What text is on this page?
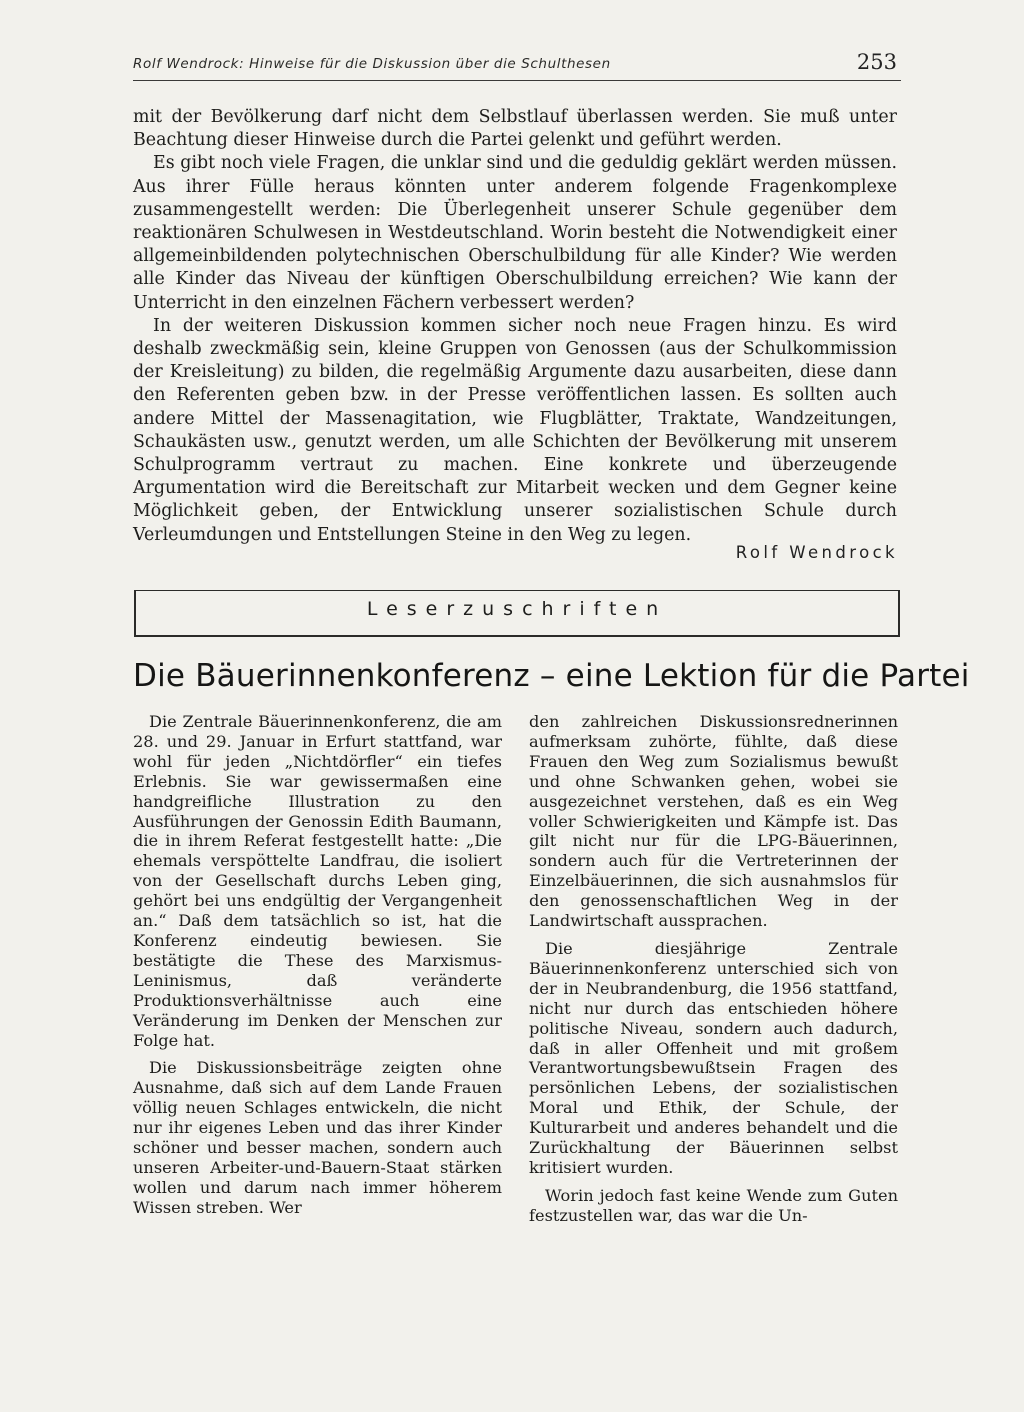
Rolf Wendrock: Hinweise für die Diskussion über die Schulthesen	253

mit der Bevölkerung darf nicht dem Selbstlauf überlassen werden. Sie muß unter Beachtung dieser Hinweise durch die Partei gelenkt und geführt werden.

Es gibt noch viele Fragen, die unklar sind und die geduldig geklärt werden müssen. Aus ihrer Fülle heraus könnten unter anderem folgende Fragenkomplexe zusammengestellt werden: Die Überlegenheit unserer Schule gegenüber dem reaktionären Schulwesen in Westdeutschland. Worin besteht die Notwendigkeit einer allgemeinbildenden polytechnischen Oberschulbildung für alle Kinder? Wie werden alle Kinder das Niveau der künftigen Oberschulbildung erreichen? Wie kann der Unterricht in den einzelnen Fächern verbessert werden?

In der weiteren Diskussion kommen sicher noch neue Fragen hinzu. Es wird deshalb zweckmäßig sein, kleine Gruppen von Genossen (aus der Schulkommission der Kreisleitung) zu bilden, die regelmäßig Argumente dazu ausarbeiten, diese dann den Referenten geben bzw. in der Presse veröffentlichen lassen. Es sollten auch andere Mittel der Massenagitation, wie Flugblätter, Traktate, Wandzeitungen, Schaukästen usw., genutzt werden, um alle Schichten der Bevölkerung mit unserem Schulprogramm vertraut zu machen. Eine konkrete und überzeugende Argumentation wird die Bereitschaft zur Mitarbeit wecken und dem Gegner keine Möglichkeit geben, der Entwicklung unserer sozialistischen Schule durch Verleumdungen und Entstellungen Steine in den Weg zu legen.

Rolf Wendrock
Leserzuschriften
Die Bäuerinnenkonferenz – eine Lektion für die Partei

Die Zentrale Bäuerinnenkonferenz, die am 28. und 29. Januar in Erfurt stattfand, war wohl für jeden „Nichtdörfler“ ein tiefes Erlebnis. Sie war gewissermaßen eine handgreifliche Illustration zu den Ausführungen der Genossin Edith Baumann, die in ihrem Referat festgestellt hatte: „Die ehemals verspöttelte Landfrau, die isoliert von der Gesellschaft durchs Leben ging, gehört bei uns endgültig der Vergangenheit an.“ Daß dem tatsächlich so ist, hat die Konferenz eindeutig bewiesen. Sie bestätigte die These des Marxismus-Leninismus, daß veränderte Produktionsverhältnisse auch eine Veränderung im Denken der Menschen zur Folge hat.

Die Diskussionsbeiträge zeigten ohne Ausnahme, daß sich auf dem Lande Frauen völlig neuen Schlages entwickeln, die nicht nur ihr eigenes Leben und das ihrer Kinder schöner und besser machen, sondern auch unseren Arbeiter-und-Bauern-Staat stärken wollen und darum nach immer höherem Wissen streben. Wer

den zahlreichen Diskussionsrednerinnen aufmerksam zuhörte, fühlte, daß diese Frauen den Weg zum Sozialismus bewußt und ohne Schwanken gehen, wobei sie ausgezeichnet verstehen, daß es ein Weg voller Schwierigkeiten und Kämpfe ist. Das gilt nicht nur für die LPG-Bäuerinnen, sondern auch für die Vertreterinnen der Einzelbäuerinnen, die sich ausnahmslos für den genossenschaftlichen Weg in der Landwirtschaft aussprachen.

Die diesjährige Zentrale Bäuerinnenkonferenz unterschied sich von der in Neubrandenburg, die 1956 stattfand, nicht nur durch das entschieden höhere politische Niveau, sondern auch dadurch, daß in aller Offenheit und mit großem Verantwortungsbewußtsein Fragen des persönlichen Lebens, der sozialistischen Moral und Ethik, der Schule, der Kulturarbeit und anderes behandelt und die Zurückhaltung der Bäuerinnen selbst kritisiert wurden.

Worin jedoch fast keine Wende zum Guten festzustellen war, das war die Un-
